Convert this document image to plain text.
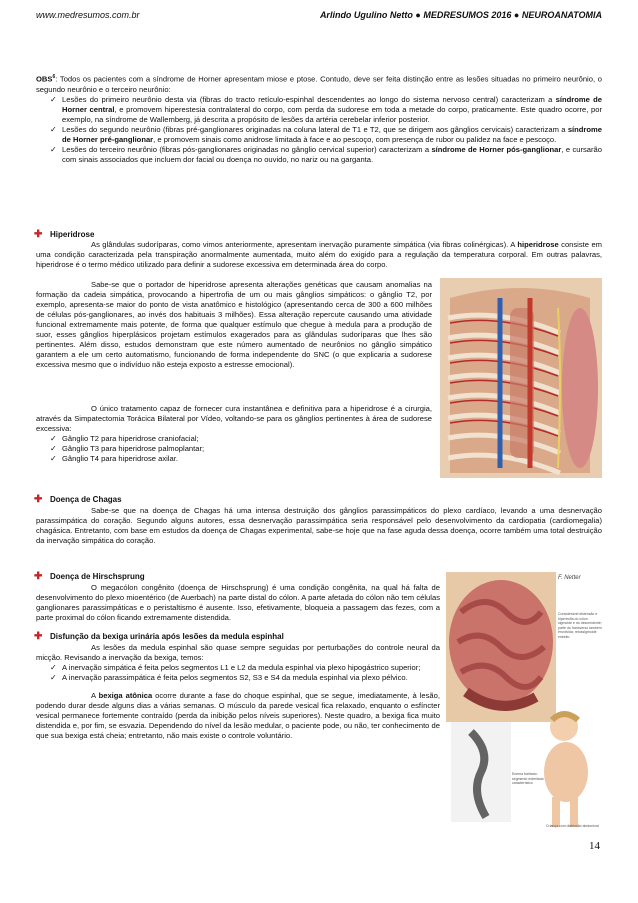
www.medresumos.com.br	Arlindo Ugulino Netto ● MEDRESUMOS 2016 ● NEUROANATOMIA

OBS$^6$: Todos os pacientes com a síndrome de Horner apresentam miose e ptose. Contudo, deve ser feita distinção entre as lesões situadas no primeiro neurônio, o segundo neurônio e o terceiro neurônio:

✓ Lesões do primeiro neurônio desta via (fibras do tracto retículo-espinhal descendentes ao longo do sistema nervoso central) caracterizam a síndrome de Horner central, e promovem hiperestesia contralateral do corpo, com perda da sudorese em toda a metade do corpo, praticamente. Este quadro ocorre, por exemplo, na síndrome de Wallemberg, já descrita a propósito de lesões da artéria cerebelar inferior posterior.
✓ Lesões do segundo neurônio (fibras pré-ganglionares originadas na coluna lateral de T1 e T2, que se dirigem aos gânglios cervicais) caracterizam a síndrome de Horner pré-ganglionar, e promovem sinais como anidrose limitada à face e ao pescoço, com presença de rubor ou palidez na face e pescoço.
✓ Lesões do terceiro neurônio (fibras pós-ganglionares originadas no gânglio cervical superior) caracterizam a síndrome de Horner pós-ganglionar, e cursarão com sinais associados que incluem dor facial ou doença no ouvido, no nariz ou na garganta.
✚ Hiperidrose

As glândulas sudoríparas, como vimos anteriormente, apresentam inervação puramente simpática (via fibras colinérgicas). A hiperidrose consiste em uma condição caracterizada pela transpiração anormalmente aumentada, muito além do exigido para a regulação da temperatura corporal. Em outras palavras, hiperidrose é o termo médico utilizado para definir a sudorese excessiva em determinada área do corpo.

Sabe-se que o portador de hiperidrose apresenta alterações genéticas que causam anomalias na formação da cadeia simpática, provocando a hipertrofia de um ou mais gânglios simpáticos: o gânglio T2, por exemplo, apresenta-se maior do ponto de vista anatômico e histológico (apresentando cerca de 300 a 600 milhões de células pós-ganglionares, ao invés dos habituais 3 milhões). Essa alteração repercute causando uma atividade funcional extremamente mais potente, de forma que qualquer estímulo que chegue à medula para a produção de suor, esses gânglios hiperplásicos projetam estímulos exagerados para as glândulas sudoríparas que lhes são pertinentes. Além disso, estudos demonstram que este número aumentado de neurônios no gânglio simpático garantem a ele um certo automatismo, funcionando de forma independente do SNC (o que explicaria a sudorese excessiva mesmo que o indivíduo não esteja exposto a estresse emocional).

O único tratamento capaz de fornecer cura instantânea e definitiva para a hiperidrose é a cirurgia, através da Simpatectomia Torácica Bilateral por Vídeo, voltando-se para os gânglios pertinentes à área de sudorese excessiva:

✓ Gânglio T2 para hiperidrose craniofacial;
✓ Gânglio T3 para hiperidrose palmoplantar;
✓ Gânglio T4 para hiperidrose axilar.
✚ Doença de Chagas

Sabe-se que na doença de Chagas há uma intensa destruição dos gânglios parassimpáticos do plexo cardíaco, levando a uma desnervação parassimpática do coração. Segundo alguns autores, essa desnervação parassimpática seria responsável pelo desenvolvimento da cardiopatia (cardiomegalia) chagásica. Entretanto, com base em estudos da doença de Chagas experimental, sabe-se hoje que na fase aguda dessa doença, ocorre também uma total destruição da inervação simpática do coração.

✚ Doença de Hirschsprung

O megacólon congênito (doença de Hirschsprung) é uma condição congênita, na qual há falta de desenvolvimento do plexo mioentérico (de Auerbach) na parte distal do cólon. A parte afetada do cólon não tem células ganglionares parassimpáticas e o peristaltismo é ausente. Isso, efetivamente, bloqueia a passagem das fezes, com a parte proximal do cólon ficando extremamente distendida.

✚ Disfunção da bexiga urinária após lesões da medula espinhal

As lesões da medula espinhal são quase sempre seguidas por perturbações do controle neural da micção. Revisando a inervação da bexiga, temos:

✓ A inervação simpática é feita pelos segmentos L1 e L2 da medula espinhal via plexo hipogástrico superior;
✓ A inervação parassimpática é feita pelos segmentos S2, S3 e S4 da medula espinhal via plexo pélvico.

A bexiga atônica ocorre durante a fase do choque espinhal, que se segue, imediatamente, à lesão, podendo durar desde alguns dias a várias semanas. O músculo da parede vesical fica relaxado, enquanto o esfíncter vesical permanece fortemente contraído (perda da inibição pelos níveis superiores). Neste quadro, a bexiga fica muito distendida e, por fim, se esvazia. Dependendo do nível da lesão medular, o paciente pode, ou não, ter conhecimento de que sua bexiga está cheia; entretanto, não mais existe o controle voluntário.

F. Netter
Considerável distensão e hipertrofia do cólon sigmoide e do descendente; parte do transverso também envolvida; retossigmoide estreito
Enema baritado: segmento estreitado característico
Criança com distensão abdominal
14
